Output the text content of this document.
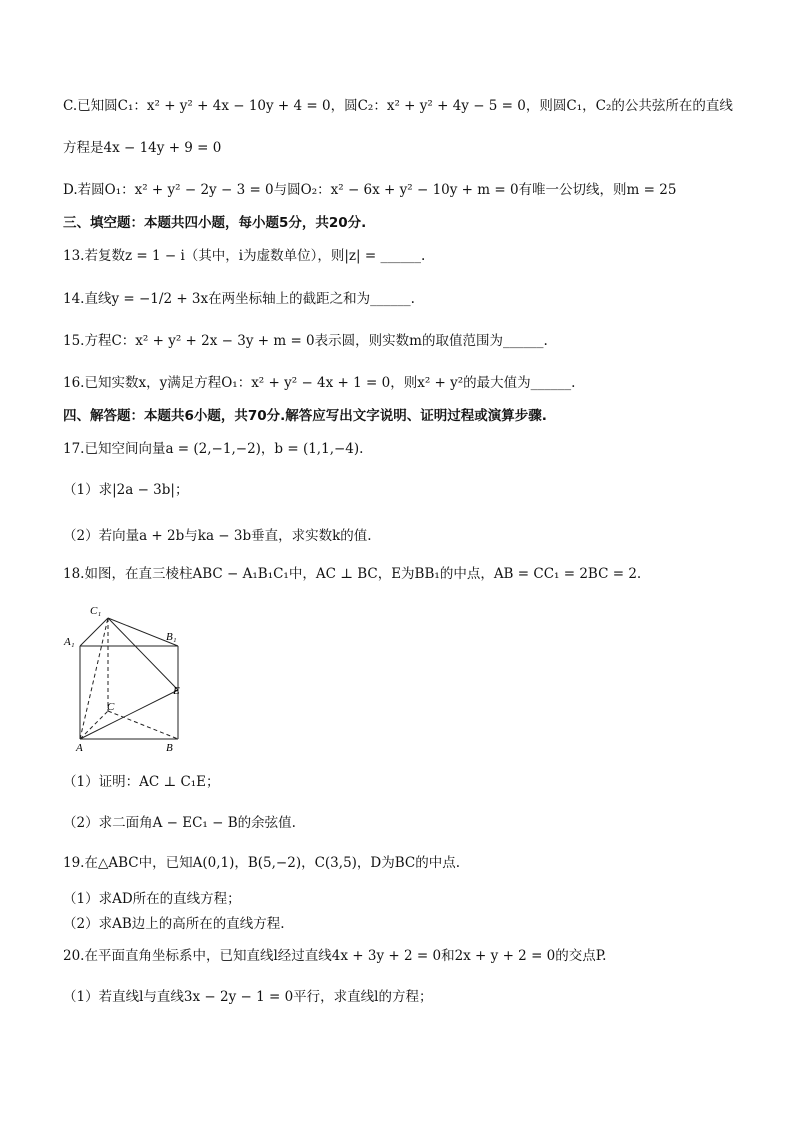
C.已知圆C₁：x² + y² + 4x − 10y + 4 = 0，圆C₂：x² + y² + 4y − 5 = 0，则圆C₁，C₂的公共弦所在的直线
方程是4x − 14y + 9 = 0
D.若圆O₁：x² + y² − 2y − 3 = 0与圆O₂：x² − 6x + y² − 10y + m = 0有唯一公切线，则m = 25
三、填空题：本题共四小题，每小题5分，共20分.
13.若复数z = 1 − i（其中，i为虚数单位），则|z| = ______.
14.直线y = −1/2 + 3x在两坐标轴上的截距之和为______.
15.方程C：x² + y² + 2x − 3y + m = 0表示圆，则实数m的取值范围为______.
16.已知实数x，y满足方程O₁：x² + y² − 4x + 1 = 0，则x² + y²的最大值为______.
四、解答题：本题共6小题，共70分.解答应写出文字说明、证明过程或演算步骤.
17.已知空间向量a = (2,−1,−2)，b = (1,1,−4).
（1）求|2a − 3b|；
（2）若向量a + 2b与ka − 3b垂直，求实数k的值.
18.如图，在直三棱柱ABC − A₁B₁C₁中，AC ⊥ BC，E为BB₁的中点，AB = CC₁ = 2BC = 2.
C₁
A₁	B₁
E
C
A	B
（1）证明：AC ⊥ C₁E；
（2）求二面角A − EC₁ − B的余弦值.
19.在△ABC中，已知A(0,1)，B(5,−2)，C(3,5)，D为BC的中点.
（1）求AD所在的直线方程；
（2）求AB边上的高所在的直线方程.
20.在平面直角坐标系中，已知直线l经过直线4x + 3y + 2 = 0和2x + y + 2 = 0的交点P.
（1）若直线l与直线3x − 2y − 1 = 0平行，求直线l的方程；
